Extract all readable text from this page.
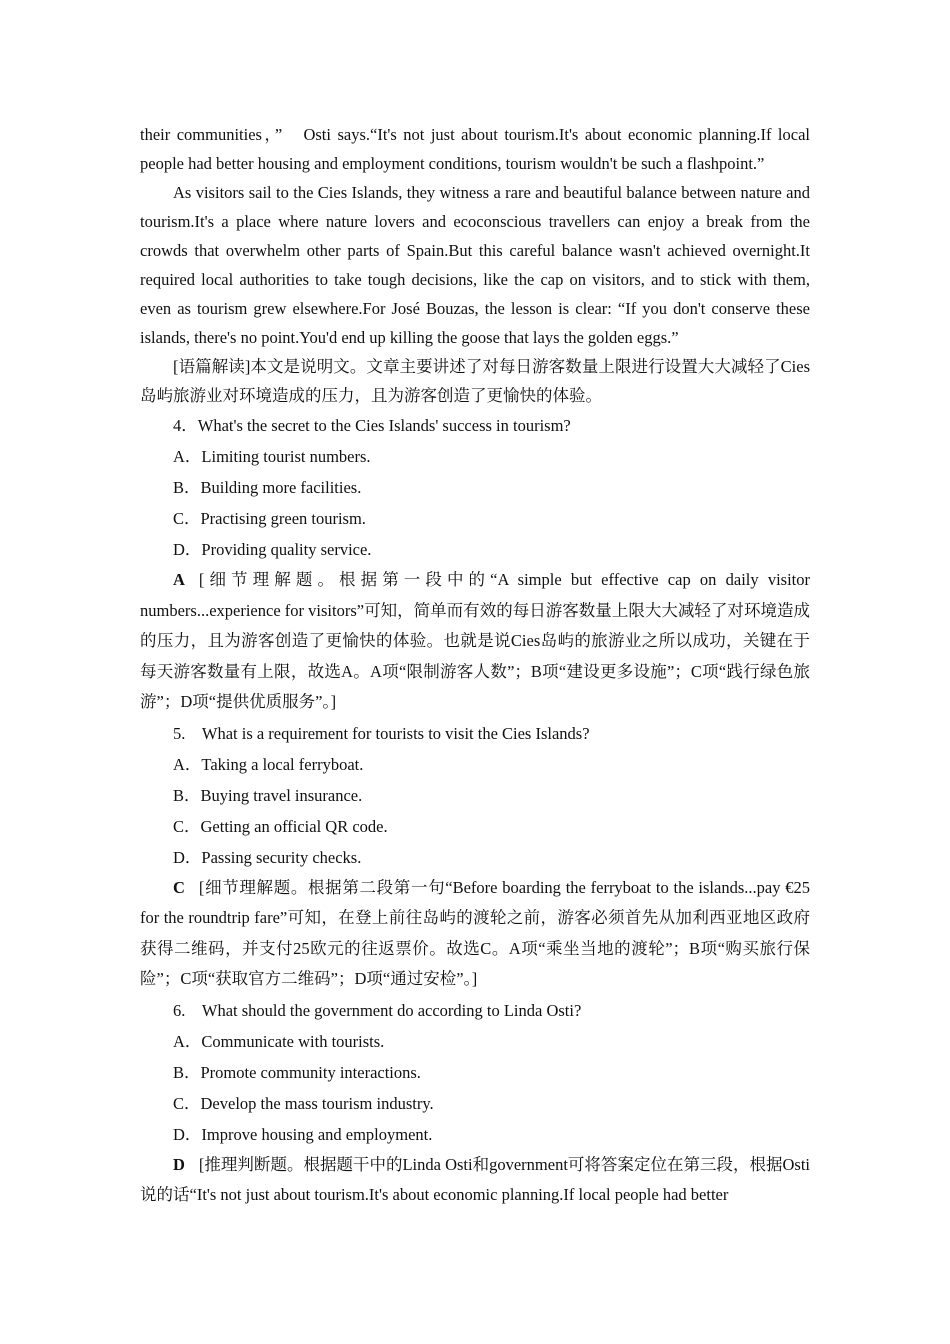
their communities，”　Osti says.“It's not just about tourism.It's about economic planning.If local people had better housing and employment conditions, tourism wouldn't be such a flashpoint.”

As visitors sail to the Cies Islands, they witness a rare and beautiful balance between nature and tourism.It's a place where nature lovers and ecoconscious travellers can enjoy a break from the crowds that overwhelm other parts of Spain.But this careful balance wasn't achieved overnight.It required local authorities to take tough decisions, like the cap on visitors, and to stick with them, even as tourism grew elsewhere.For José Bouzas, the lesson is clear: “If you don't conserve these islands, there's no point.You'd end up killing the goose that lays the golden eggs.”

[语篇解读]本文是说明文。文章主要讲述了对每日游客数量上限进行设置大大减轻了Cies岛屿旅游业对环境造成的压力，且为游客创造了更愉快的体验。

4．What's the secret to the Cies Islands' success in tourism?

A．Limiting tourist numbers.

B．Building more facilities.

C．Practising green tourism.

D．Providing quality service.

A [细节理解题。根据第一段中的“A simple but effective cap on daily visitor numbers...experience for visitors”可知，简单而有效的每日游客数量上限大大减轻了对环境造成的压力，且为游客创造了更愉快的体验。也就是说Cies岛屿的旅游业之所以成功，关键在于每天游客数量有上限，故选A。A项“限制游客人数”；B项“建设更多设施”；C项“践行绿色旅游”；D项“提供优质服务”。]

5.　What is a requirement for tourists to visit the Cies Islands?

A．Taking a local ferryboat.

B．Buying travel insurance.

C．Getting an official QR code.

D．Passing security checks.

C [细节理解题。根据第二段第一句“Before boarding the ferryboat to the islands...pay €25 for the roundtrip fare”可知，在登上前往岛屿的渡轮之前，游客必须首先从加利西亚地区政府获得二维码，并支付25欧元的往返票价。故选C。A项“乘坐当地的渡轮”；B项“购买旅行保险”；C项“获取官方二维码”；D项“通过安检”。]

6.　What should the government do according to Linda Osti?

A．Communicate with tourists.

B．Promote community interactions.

C．Develop the mass tourism industry.

D．Improve housing and employment.

D [推理判断题。根据题干中的Linda Osti和government可将答案定位在第三段，根据Osti说的话“It's not just about tourism.It's about economic planning.If local people had better
